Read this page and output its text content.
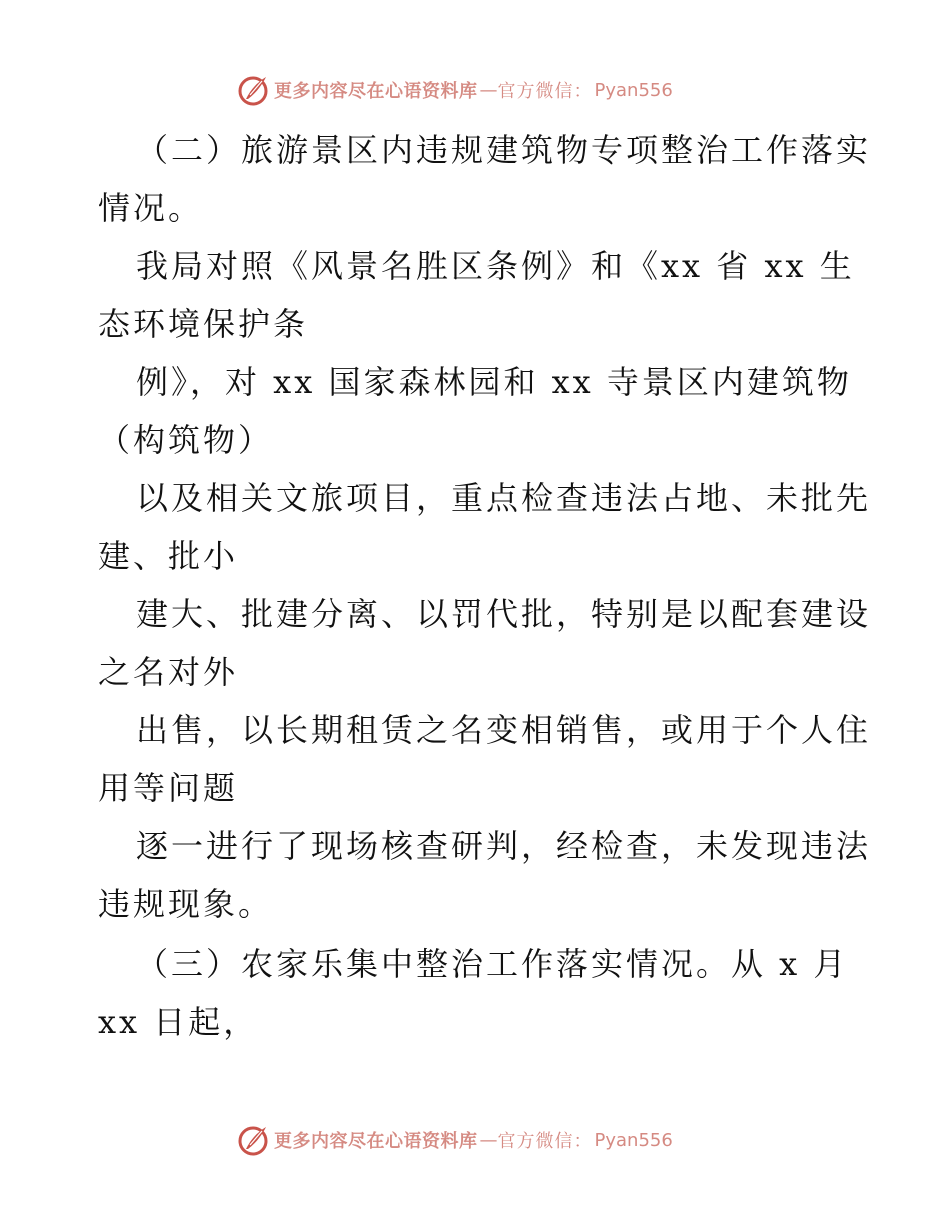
更多内容尽在心语资料库 — 官方微信： Pyan556
（二）旅游景区内违规建筑物专项整治工作落实
情况。
我局对照《风景名胜区条例》和《xx 省 xx 生
态环境保护条
例》，对 xx 国家森林园和 xx 寺景区内建筑物
（构筑物）
以及相关文旅项目，重点检查违法占地、未批先
建、批小
建大、批建分离、以罚代批，特别是以配套建设
之名对外
出售，以长期租赁之名变相销售，或用于个人住
用等问题
逐一进行了现场核查研判，经检查，未发现违法
违规现象。
（三）农家乐集中整治工作落实情况。从 x 月
xx 日起，
更多内容尽在心语资料库 — 官方微信： Pyan556
